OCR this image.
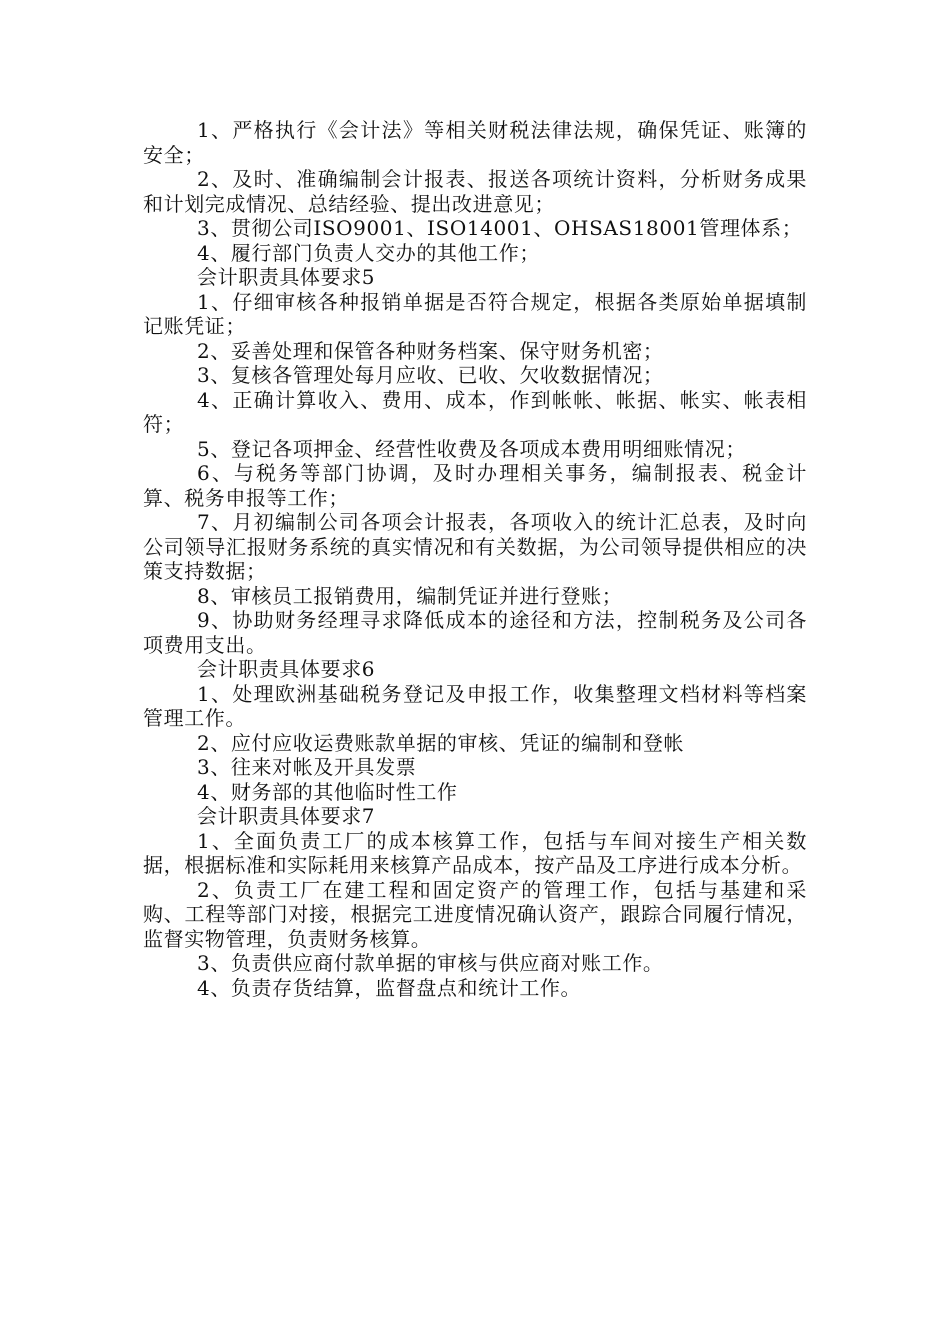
1、严格执行《会计法》等相关财税法律法规，确保凭证、账簿的安全；

2、及时、准确编制会计报表、报送各项统计资料，分析财务成果和计划完成情况、总结经验、提出改进意见；

3、贯彻公司ISO9001、ISO14001、OHSAS18001管理体系；

4、履行部门负责人交办的其他工作；

会计职责具体要求5

1、仔细审核各种报销单据是否符合规定，根据各类原始单据填制记账凭证；

2、妥善处理和保管各种财务档案、保守财务机密；

3、复核各管理处每月应收、已收、欠收数据情况；

4、正确计算收入、费用、成本，作到帐帐、帐据、帐实、帐表相符；

5、登记各项押金、经营性收费及各项成本费用明细账情况；

6、与税务等部门协调，及时办理相关事务，编制报表、税金计算、税务申报等工作；

7、月初编制公司各项会计报表，各项收入的统计汇总表，及时向公司领导汇报财务系统的真实情况和有关数据，为公司领导提供相应的决策支持数据；

8、审核员工报销费用，编制凭证并进行登账；

9、协助财务经理寻求降低成本的途径和方法，控制税务及公司各项费用支出。

会计职责具体要求6

1、处理欧洲基础税务登记及申报工作，收集整理文档材料等档案管理工作。

2、应付应收运费账款单据的审核、凭证的编制和登帐

3、往来对帐及开具发票

4、财务部的其他临时性工作

会计职责具体要求7

1、全面负责工厂的成本核算工作，包括与车间对接生产相关数据，根据标准和实际耗用来核算产品成本，按产品及工序进行成本分析。

2、负责工厂在建工程和固定资产的管理工作，包括与基建和采购、工程等部门对接，根据完工进度情况确认资产，跟踪合同履行情况，监督实物管理，负责财务核算。

3、负责供应商付款单据的审核与供应商对账工作。

4、负责存货结算，监督盘点和统计工作。
